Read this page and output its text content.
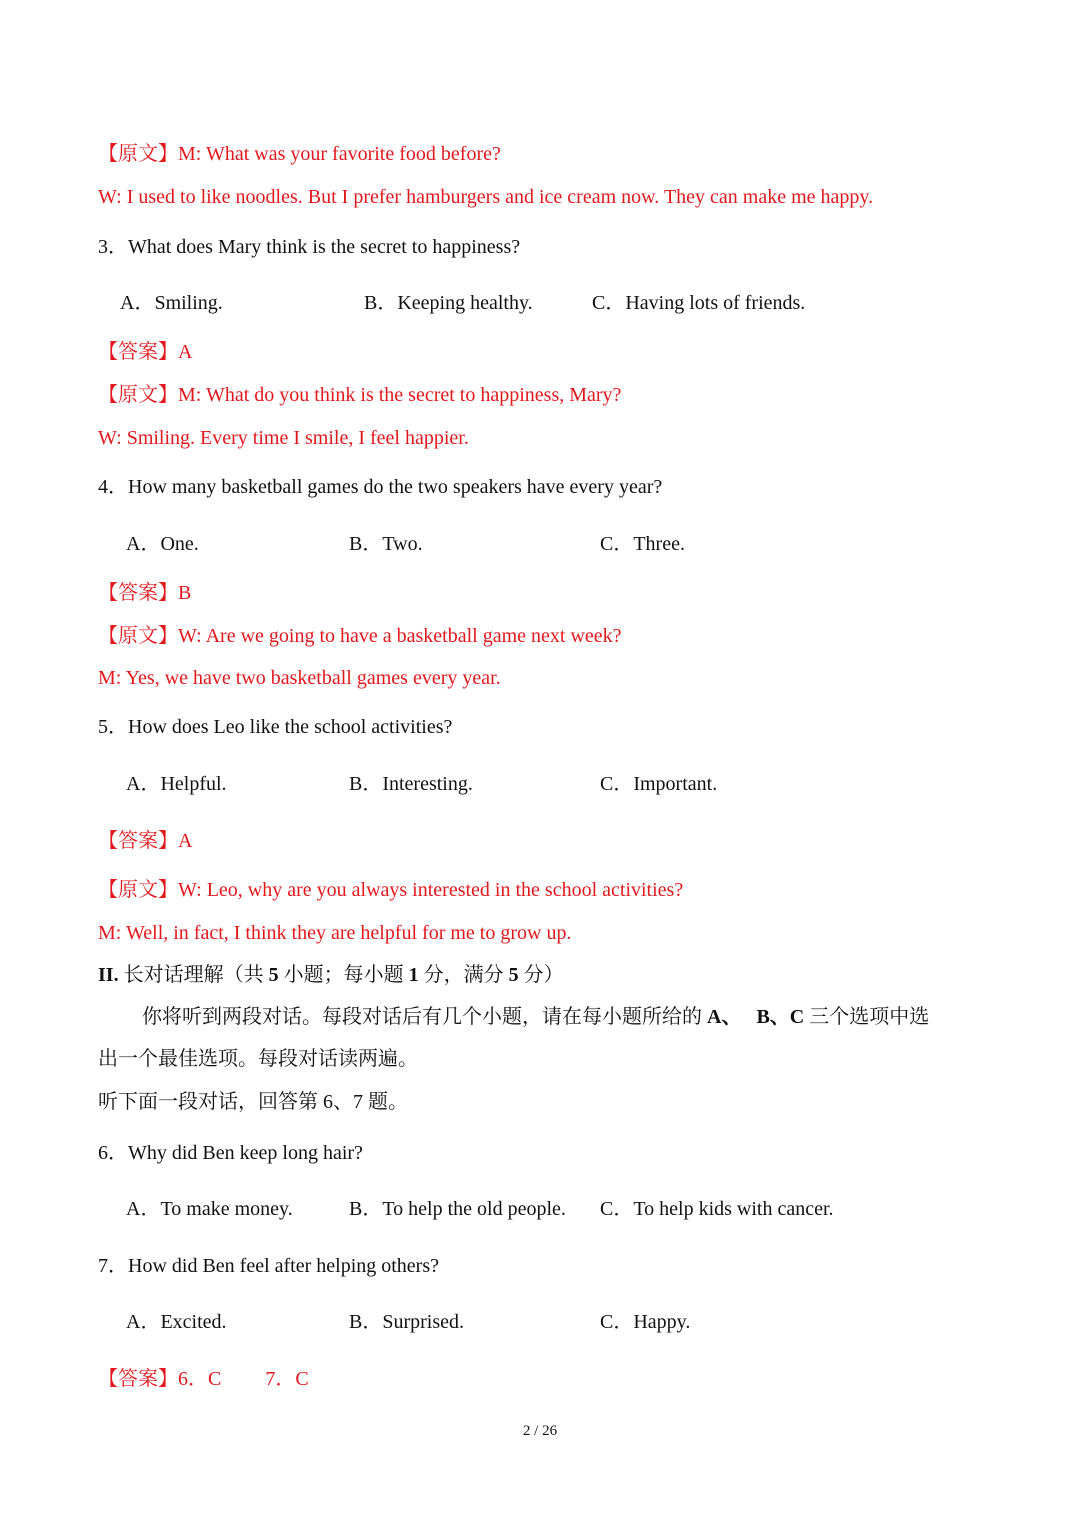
【原文】M: What was your favorite food before?
W: I used to like noodles. But I prefer hamburgers and ice cream now. They can make me happy.
3．What does Mary think is the secret to happiness?
A．Smiling.	B．Keeping healthy.	C．Having lots of friends.
【答案】A
【原文】M: What do you think is the secret to happiness, Mary?
W: Smiling. Every time I smile, I feel happier.
4．How many basketball games do the two speakers have every year?
A．One.	B．Two.	C．Three.
【答案】B
【原文】W: Are we going to have a basketball game next week?
M: Yes, we have two basketball games every year.
5．How does Leo like the school activities?
A．Helpful.	B．Interesting.	C．Important.
【答案】A
【原文】W: Leo, why are you always interested in the school activities?
M: Well, in fact, I think they are helpful for me to grow up.
II. 长对话理解（共 5 小题；每小题 1 分，满分 5 分）
你将听到两段对话。每段对话后有几个小题，请在每小题所给的 A、 B、C 三个选项中选
出一个最佳选项。每段对话读两遍。
听下面一段对话，回答第 6、7 题。
6．Why did Ben keep long hair?
A．To make money.	B．To help the old people. C．To help kids with cancer.
7．How did Ben feel after helping others?
A．Excited.	B．Surprised.	C．Happy.
【答案】6．C 7．C
2 / 26
